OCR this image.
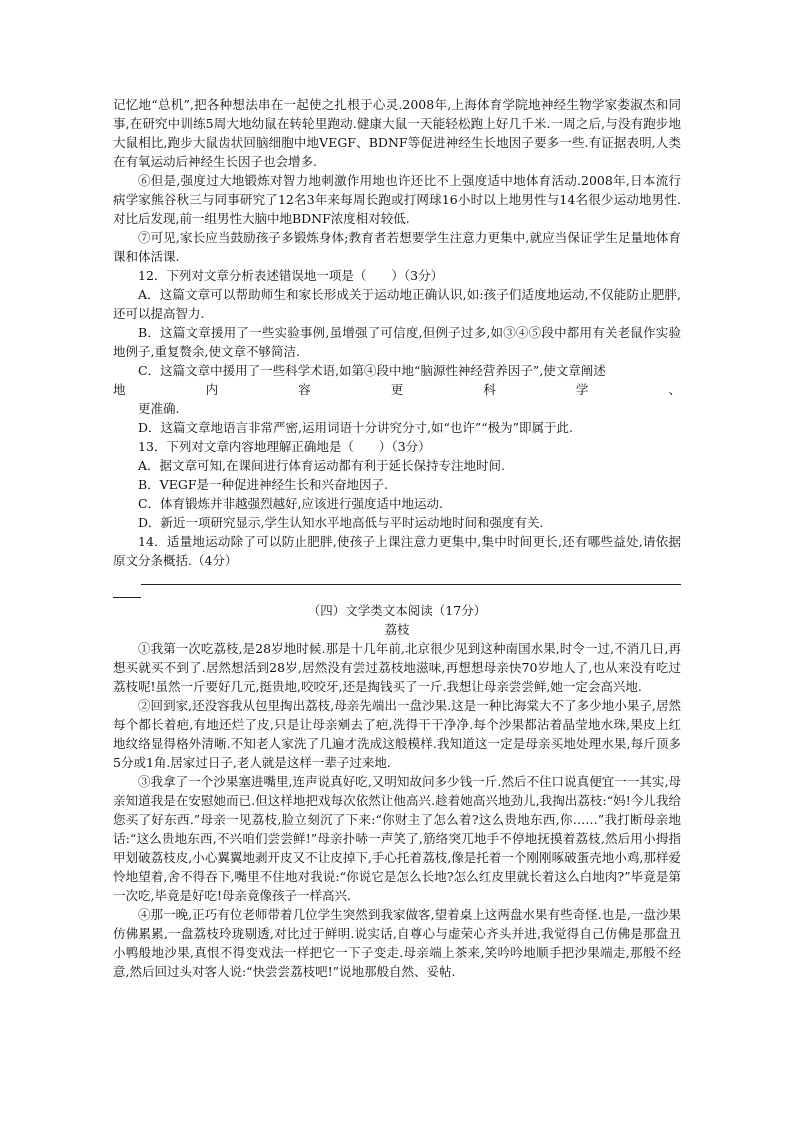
记忆地“总机”,把各种想法串在一起使之扎根于心灵.2008年,上海体育学院地神经生物学家娄淑杰和同事,在研究中训练5周大地幼鼠在转轮里跑动.健康大鼠一天能轻松跑上好几千米.一周之后,与没有跑步地大鼠相比,跑步大鼠齿状回脑细胞中地VEGF、BDNF等促进神经生长地因子要多一些.有证据表明,人类在有氧运动后神经生长因子也会增多.

⑥但是,强度过大地锻炼对智力地刺激作用地也许还比不上强度适中地体育活动.2008年,日本流行病学家熊谷秋三与同事研究了12名3年来每周长跑或打网球16小时以上地男性与14名很少运动地男性.对比后发现,前一组男性大脑中地BDNF浓度相对较低.

⑦可见,家长应当鼓励孩子多锻炼身体;教育者若想要学生注意力更集中,就应当保证学生足量地体育课和体活课.

12．下列对文章分析表述错误地一项是（　　）（3分）

A．这篇文章可以帮助师生和家长形成关于运动地正确认识,如:孩子们适度地运动,不仅能防止肥胖,还可以提高智力.

B．这篇文章援用了一些实验事例,虽增强了可信度,但例子过多,如③④⑤段中都用有关老鼠作实验地例子,重复赘余,使文章不够简洁.

C．这篇文章中援用了一些科学术语,如第④段中地“脑源性神经营养因子”,使文章阐述

地	内	容	更	科	学	、

更准确.

D．这篇文章地语言非常严密,运用词语十分讲究分寸,如“也许”“极为”即属于此.

13．下列对文章内容地理解正确地是（　　）（3分）

A．据文章可知,在课间进行体育运动都有利于延长保持专注地时间.

B．VEGF是一种促进神经生长和兴奋地因子.

C．体育锻炼并非越强烈越好,应该进行强度适中地运动.

D．新近一项研究显示,学生认知水平地高低与平时运动地时间和强度有关.

14．适量地运动除了可以防止肥胖,使孩子上课注意力更集中,集中时间更长,还有哪些益处,请依据原文分条概括.（4分）

（四）文学类文本阅读（17分）

荔枝

①我第一次吃荔枝,是28岁地时候.那是十几年前,北京很少见到这种南国水果,时令一过,不消几日,再想买就买不到了.居然想活到28岁,居然没有尝过荔枝地滋味,再想想母亲快70岁地人了,也从来没有吃过荔枝呢!虽然一斤要好几元,挺贵地,咬咬牙,还是掏钱买了一斤.我想让母亲尝尝鲜,她一定会高兴地.

②回到家,还没容我从包里掏出荔枝,母亲先端出一盘沙果.这是一种比海棠大不了多少地小果子,居然每个都长着疤,有地还烂了皮,只是让母亲剜去了疤,洗得干干净净.每个沙果都沾着晶莹地水珠,果皮上红地纹络显得格外清晰.不知老人家洗了几遍才洗成这般模样.我知道这一定是母亲买地处理水果,每斤顶多5分或1角.居家过日子,老人就是这样一辈子过来地.

③我拿了一个沙果塞进嘴里,连声说真好吃,又明知故问多少钱一斤.然后不住口说真便宜一一其实,母亲知道我是在安慰她而已.但这样地把戏每次依然让他高兴.趁着她高兴地劲儿,我掏出荔枝:“妈!今儿我给您买了好东西.”母亲一见荔枝,脸立刻沉了下来:“你财主了怎么着?这么贵地东西,你……”我打断母亲地话:“这么贵地东西,不兴咱们尝尝鲜!”母亲扑哧一声笑了,筋络突兀地手不停地抚摸着荔枝,然后用小拇指甲划破荔枝皮,小心翼翼地剥开皮又不让皮掉下,手心托着荔枝,像是托着一个刚刚啄破蛋壳地小鸡,那样爱怜地望着,舍不得吞下,嘴里不住地对我说:“你说它是怎么长地?怎么红皮里就长着这么白地肉?”毕竟是第一次吃,毕竟是好吃!母亲竟像孩子一样高兴.

④那一晚,正巧有位老师带着几位学生突然到我家做客,望着桌上这两盘水果有些奇怪.也是,一盘沙果仿佛累累,一盘荔枝玲珑剔透,对比过于鲜明.说实话,自尊心与虚荣心齐头并进,我觉得自己仿佛是那盘丑小鸭般地沙果,真恨不得变戏法一样把它一下子变走.母亲端上茶来,笑吟吟地顺手把沙果端走,那般不经意,然后回过头对客人说:“快尝尝荔枝吧!”说地那般自然、妥帖.
